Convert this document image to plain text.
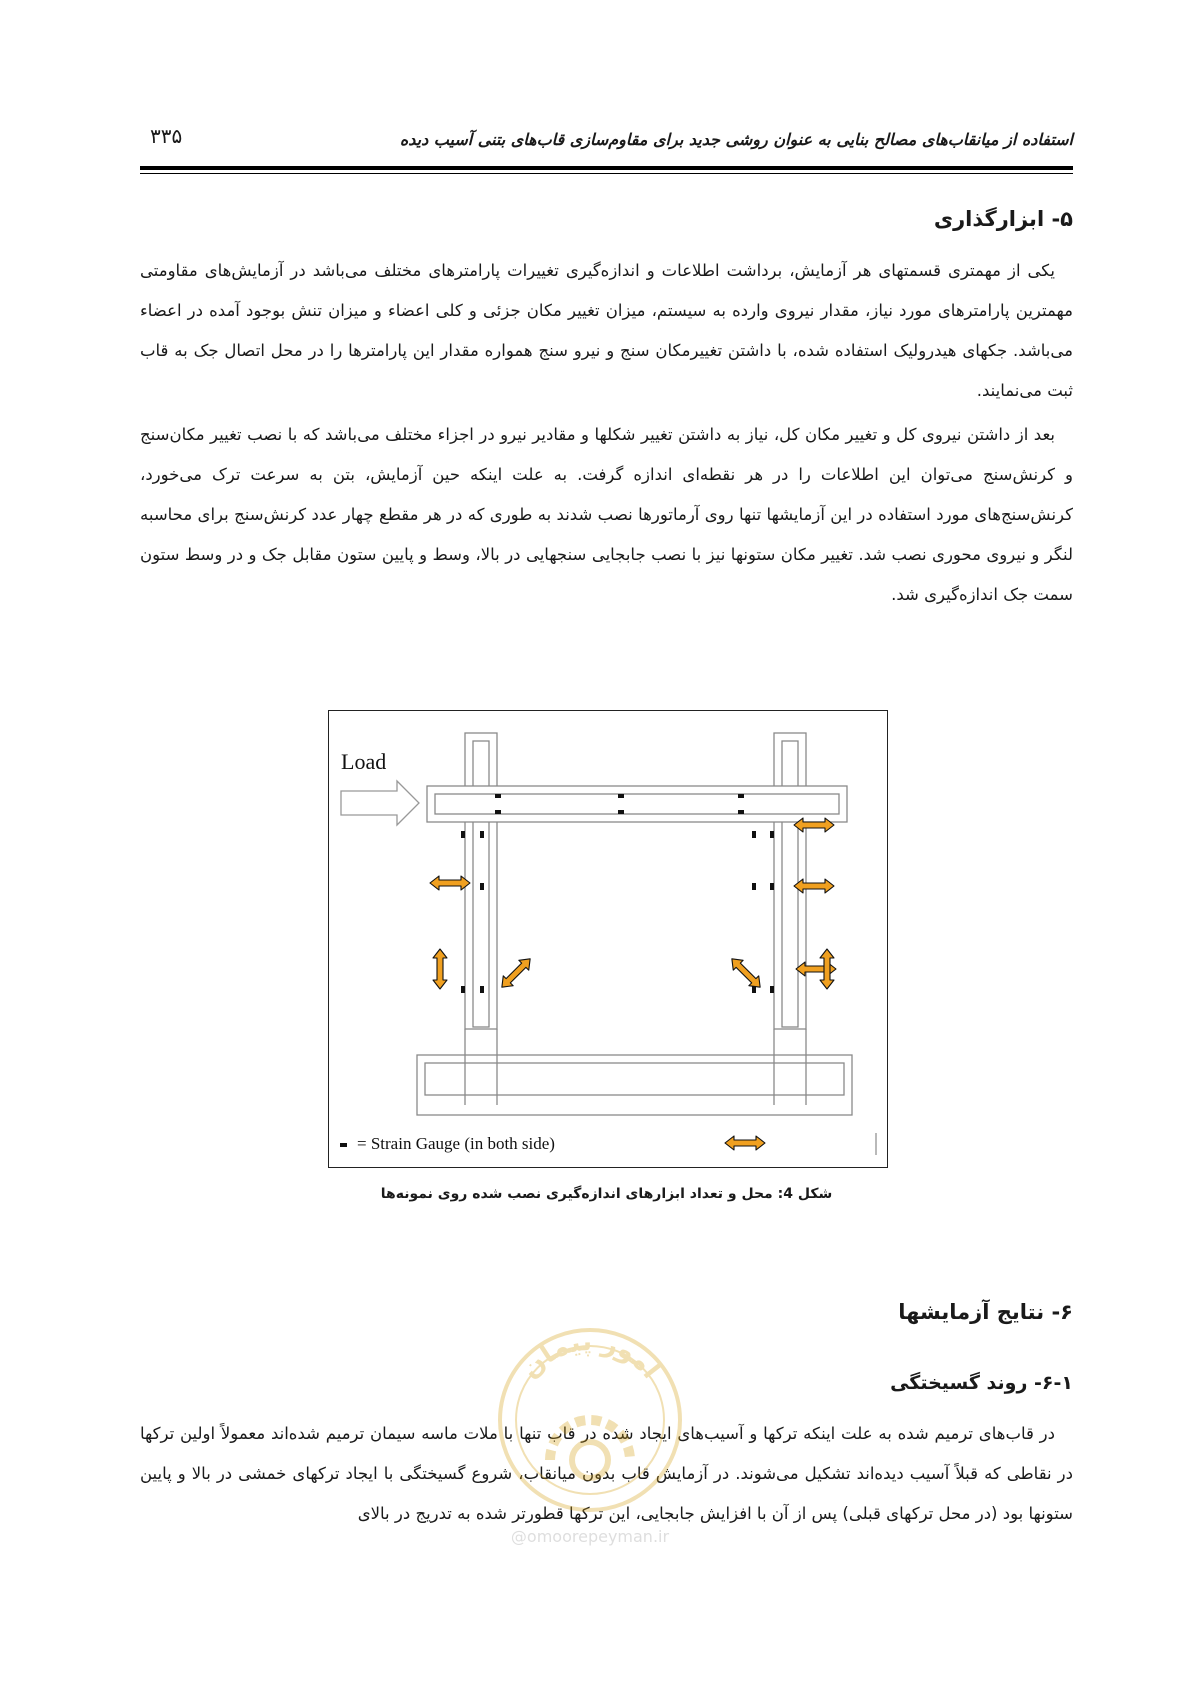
۳۳۵	استفاده از میانقاب‌های مصالح بنایی به عنوان روشی جدید برای مقاوم‌سازی قاب‌های بتنی آسیب دیده
۵- ابزارگذاری

یکی از مهمتری قسمتهای هر آزمایش، برداشت اطلاعات و اندازه‌گیری تغییرات پارامترهای مختلف می‌باشد در آزمایش‌های مقاومتی مهمترین پارامترهای مورد نیاز، مقدار نیروی وارده به سیستم، میزان تغییر مکان جزئی و کلی اعضاء و میزان تنش بوجود آمده در اعضاء می‌باشد. جکهای هیدرولیک استفاده شده، با داشتن تغییرمکان سنج و نیرو سنج همواره مقدار این پارامترها را در محل اتصال جک به قاب ثبت می‌نمایند.

بعد از داشتن نیروی کل و تغییر مکان کل، نیاز به داشتن تغییر شکلها و مقادیر نیرو در اجزاء مختلف می‌باشد که با نصب تغییر مکان‌سنج و کرنش‌سنج می‌توان این اطلاعات را در هر نقطه‌ای اندازه گرفت. به علت اینکه حین آزمایش، بتن به سرعت ترک می‌خورد، کرنش‌سنج‌های مورد استفاده در این آزمایشها تنها روی آرماتورها نصب شدند به طوری که در هر مقطع چهار عدد کرنش‌سنج برای محاسبه لنگر و نیروی محوری نصب شد. تغییر مکان ستونها نیز با نصب جابجایی سنجهایی در بالا، وسط و پایین ستون مقابل جک و در وسط ستون سمت جک اندازه‌گیری شد.

Load
= Strain Gauge (in both side)
شکل 4: محل و تعداد ابزارهای اندازه‌گیری نصب شده روی نمونه‌ها
۶- نتایج آزمایشها
۶-۱- روند گسیختگی

در قاب‌های ترمیم شده به علت اینکه ترکها و آسیب‌های ایجاد شده در قاب تنها با ملات ماسه سیمان ترمیم شده‌اند معمولاً اولین ترکها در نقاطی که قبلاً آسیب دیده‌اند تشکیل می‌شوند. در آزمایش قاب بدون میانقاب، شروع گسیختگی با ایجاد ترکهای خمشی در بالا و پایین ستونها بود (در محل ترکهای قبلی) پس از آن با افزایش جابجایی، این ترکها قطورتر شده به تدریج در بالای

امور پیمان
@omoorepeyman.ir
